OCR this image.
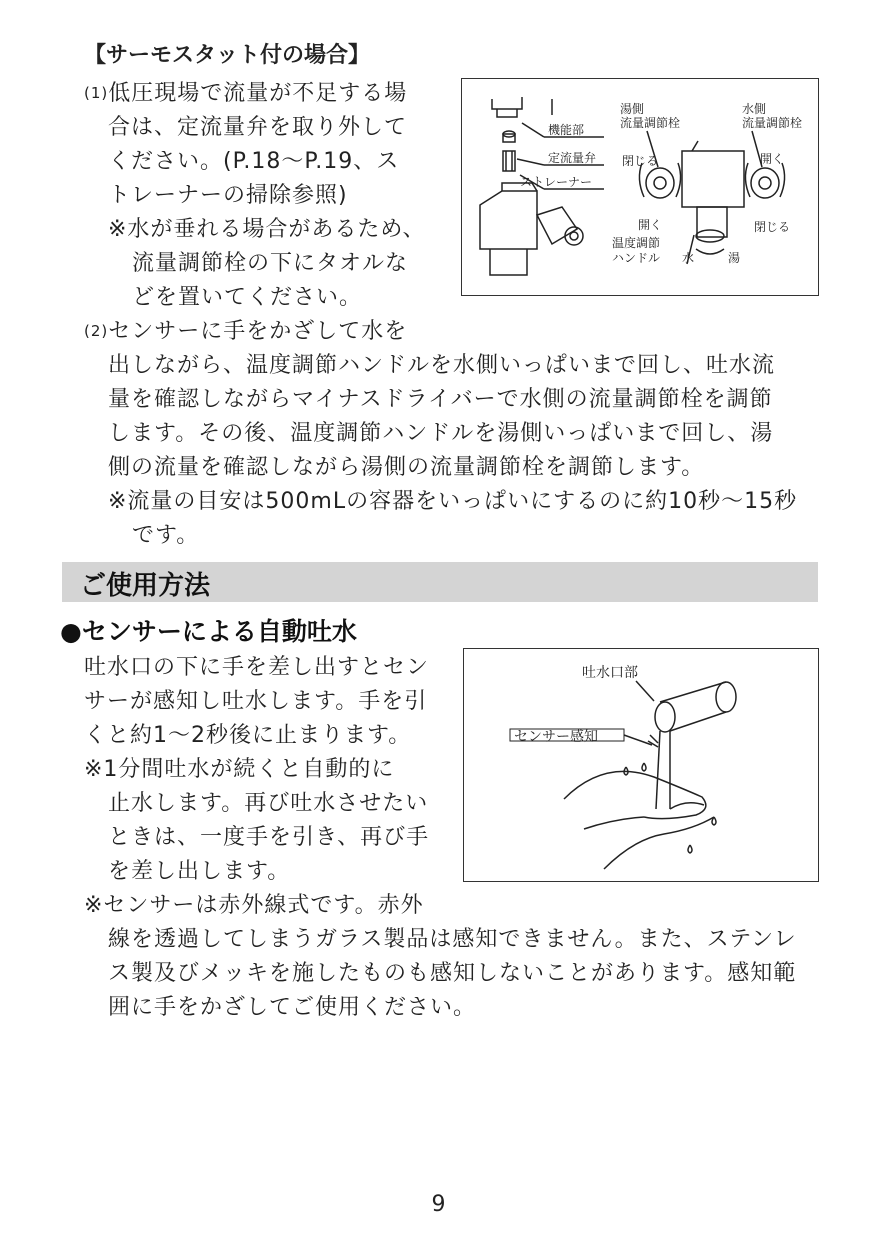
【サーモスタット付の場合】
(1)低圧現場で流量が不足する場
合は、定流量弁を取り外して
ください。(P.18～P.19、ス
トレーナーの掃除参照)
※水が垂れる場合があるため、
流量調節栓の下にタオルな
どを置いてください。
(2)センサーに手をかざして水を
出しながら、温度調節ハンドルを水側いっぱいまで回し、吐水流
量を確認しながらマイナスドライバーで水側の流量調節栓を調節
します。その後、温度調節ハンドルを湯側いっぱいまで回し、湯
側の流量を確認しながら湯側の流量調節栓を調節します。
※流量の目安は500mLの容器をいっぱいにするのに約10秒～15秒
です。
機能部
定流量弁
ストレーナー
湯側
流量調節栓
水側
流量調節栓
閉じる	開く
開く	閉じる
温度調節
ハンドル 水	湯
ご使用方法
●センサーによる自動吐水
吐水口の下に手を差し出すとセン
サーが感知し吐水します。手を引
くと約1～2秒後に止まります。
※1分間吐水が続くと自動的に
止水します。再び吐水させたい
ときは、一度手を引き、再び手
を差し出します。
※センサーは赤外線式です。赤外
線を透過してしまうガラス製品は感知できません。また、ステンレ
ス製及びメッキを施したものも感知しないことがあります。感知範
囲に手をかざしてご使用ください。
吐水口部
センサー感知
9
